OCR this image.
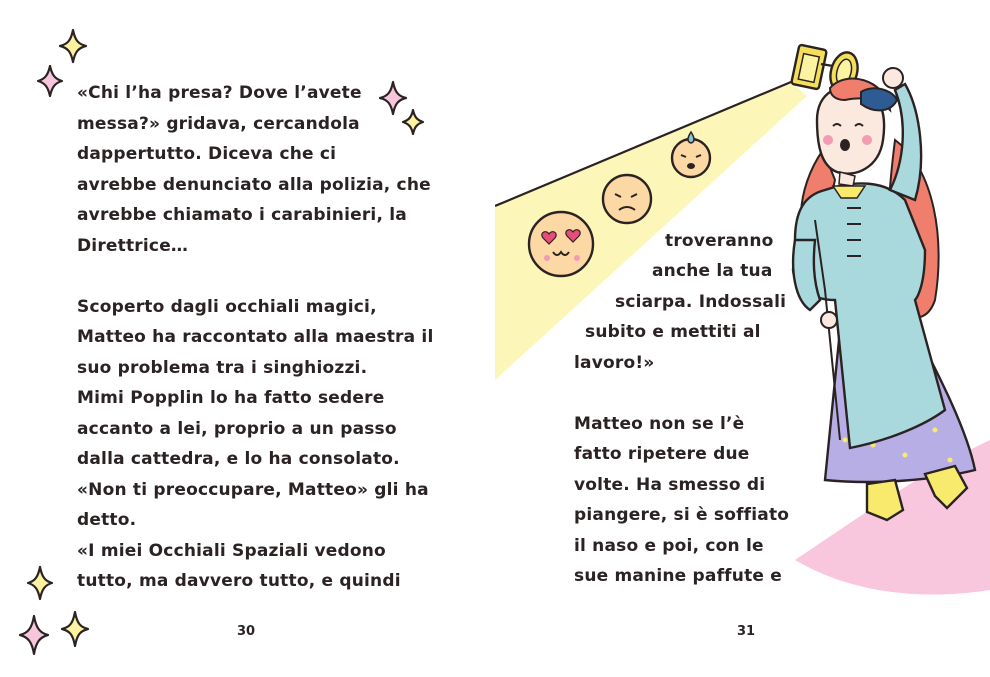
«Chi l’ha presa? Dove l’avete
messa?» gridava, cercandola
dappertutto. Diceva che ci
avrebbe denunciato alla polizia, che
avrebbe chiamato i carabinieri, la
Direttrice…
Scoperto dagli occhiali magici,
Matteo ha raccontato alla maestra il
suo problema tra i singhiozzi.
Mimi Popplin lo ha fatto sedere
accanto a lei, proprio a un passo
dalla cattedra, e lo ha consolato.
«Non ti preoccupare, Matteo» gli ha
detto.
«I miei Occhiali Spaziali vedono
tutto, ma davvero tutto, e quindi
30
troveranno
anche la tua
sciarpa. Indossali
subito e mettiti al
lavoro!»
Matteo non se l’è
fatto ripetere due
volte. Ha smesso di
piangere, si è soffiato
il naso e poi, con le
sue manine paffute e
31
